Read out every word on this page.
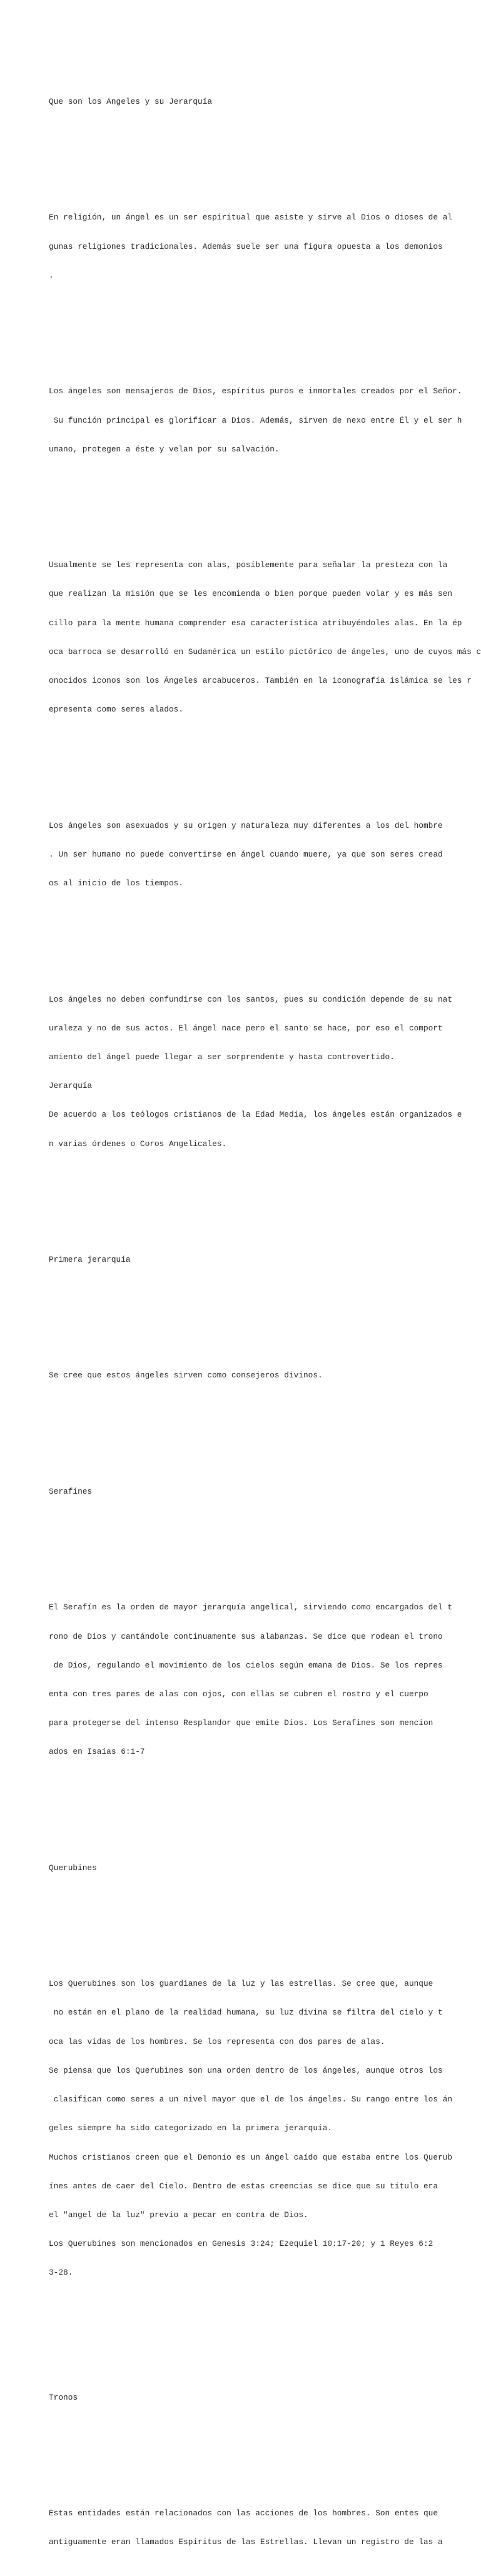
Que son los Angeles y su Jerarquía

En religión, un ángel es un ser espiritual que asiste y sirve al Dios o dioses de al

gunas religiones tradicionales. Además suele ser una figura opuesta a los demonios

.

Los ángeles son mensajeros de Dios, espíritus puros e inmortales creados por el Señor.

Su función principal es glorificar a Dios. Además, sirven de nexo entre Él y el ser h

umano, protegen a éste y velan por su salvación.

Usualmente se les representa con alas, posíblemente para señalar la presteza con la

que realizan la misión que se les encomienda o bien porque pueden volar y es más sen

cillo para la mente humana comprender esa característica atribuyéndoles alas. En la ép

oca barroca se desarrolló en Sudamérica un estilo pictórico de ángeles, uno de cuyos más c

onocidos iconos son los Ángeles arcabuceros. También en la iconografía islámica se les r

epresenta como seres alados.

Los ángeles son asexuados y su origen y naturaleza muy diferentes a los del hombre

. Un ser humano no puede convertirse en ángel cuando muere, ya que son seres cread

os al inicio de los tiempos.

Los ángeles no deben confundirse con los santos, pues su condición depende de su nat

uraleza y no de sus actos. El ángel nace pero el santo se hace, por eso el comport

amiento del ángel puede llegar a ser sorprendente y hasta controvertido.

Jerarquía

De acuerdo a los teólogos cristianos de la Edad Media, los ángeles están organizados e

n varias órdenes o Coros Angelicales.

Primera jerarquía

Se cree que estos ángeles sirven como consejeros divinos.

Serafines

El Serafín es la orden de mayor jerarquía angelical, sirviendo como encargados del t

rono de Dios y cantándole continuamente sus alabanzas. Se dice que rodean el trono

de Dios, regulando el movimiento de los cielos según emana de Dios. Se los repres

enta con tres pares de alas con ojos, con ellas se cubren el rostro y el cuerpo

para protegerse del intenso Resplandor que emite Dios. Los Serafines son mencion

ados en Isaías 6:1-7

Querubines

Los Querubines son los guardianes de la luz y las estrellas. Se cree que, aunque

no están en el plano de la realidad humana, su luz divina se filtra del cielo y t

oca las vidas de los hombres. Se los representa con dos pares de alas.

Se piensa que los Querubines son una orden dentro de los ángeles, aunque otros los

clasifican como seres a un nivel mayor que el de los ángeles. Su rango entre los án

geles siempre ha sido categorizado en la primera jerarquía.

Muchos cristianos creen que el Demonio es un ángel caído que estaba entre los Querub

ínes antes de caer del Cielo. Dentro de estas creencias se dice que su título era

el "angel de la luz" previo a pecar en contra de Dios.

Los Querubines son mencionados en Genesis 3:24; Ezequiel 10:17-20; y 1 Reyes 6:2

3-28.

Tronos

Estas entidades están relacionados con las acciones de los hombres. Son entes que

antiguamente eran llamados Espíritus de las Estrellas. Llevan un registro de las a
